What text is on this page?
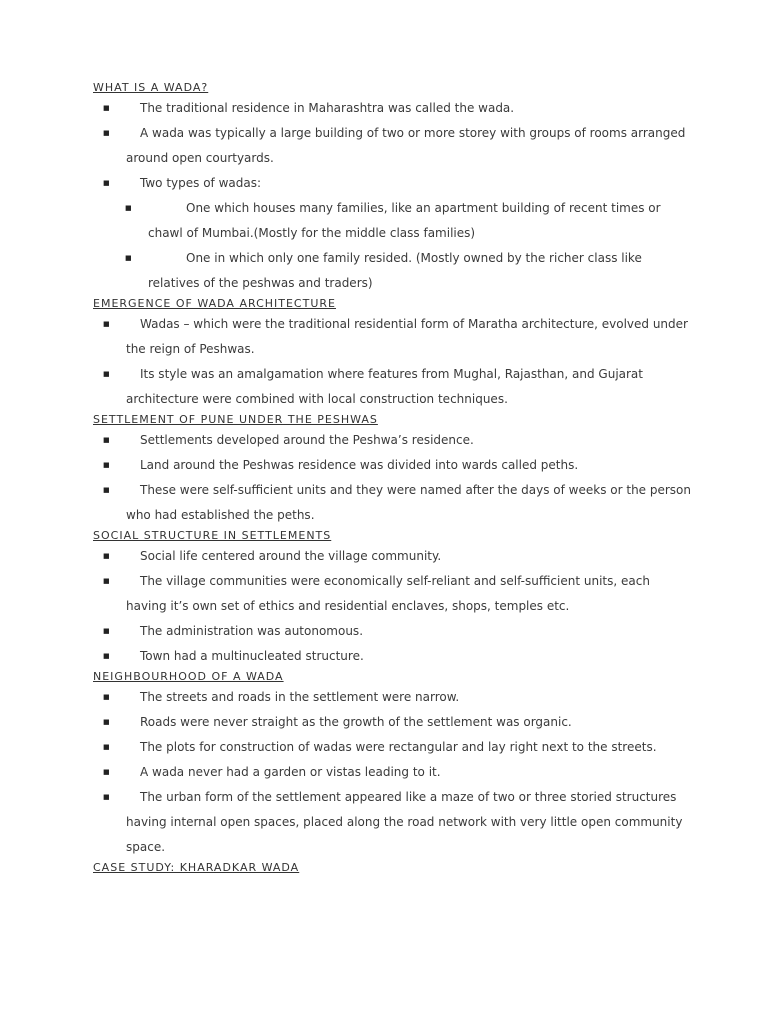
WHAT IS A WADA?
■	The traditional residence in Maharashtra was called the wada.
■	A wada was typically a large building of two or more storey with groups of rooms arranged around open courtyards.
■	Two types of wadas:
■	One which houses many families, like an apartment building of recent times or chawl of Mumbai.(Mostly for the middle class families)
■	One in which only one family resided. (Mostly owned by the richer class like relatives of the peshwas and traders)
EMERGENCE OF WADA ARCHITECTURE
■	Wadas – which were the traditional residential form of Maratha architecture, evolved under the reign of Peshwas.
■	Its style was an amalgamation where features from Mughal, Rajasthan, and Gujarat architecture were combined with local construction techniques.
SETTLEMENT OF PUNE UNDER THE PESHWAS
■	Settlements developed around the Peshwa’s residence.
■	Land around the Peshwas residence was divided into wards called peths.
■	These were self-sufficient units and they were named after the days of weeks or the person who had established the peths.
SOCIAL STRUCTURE IN SETTLEMENTS
■	Social life centered around the village community.
■	The village communities were economically self-reliant and self-sufficient units, each having it’s own set of ethics and residential enclaves, shops, temples etc.
■	The administration was autonomous.
■	Town had a multinucleated structure.
NEIGHBOURHOOD OF A WADA
■	The streets and roads in the settlement were narrow.
■	Roads were never straight as the growth of the settlement was organic.
■	The plots for construction of wadas were rectangular and lay right next to the streets.
■	A wada never had a garden or vistas leading to it.
■	The urban form of the settlement appeared like a maze of two or three storied structures having internal open spaces, placed along the road network with very little open community space.
CASE STUDY: KHARADKAR WADA
